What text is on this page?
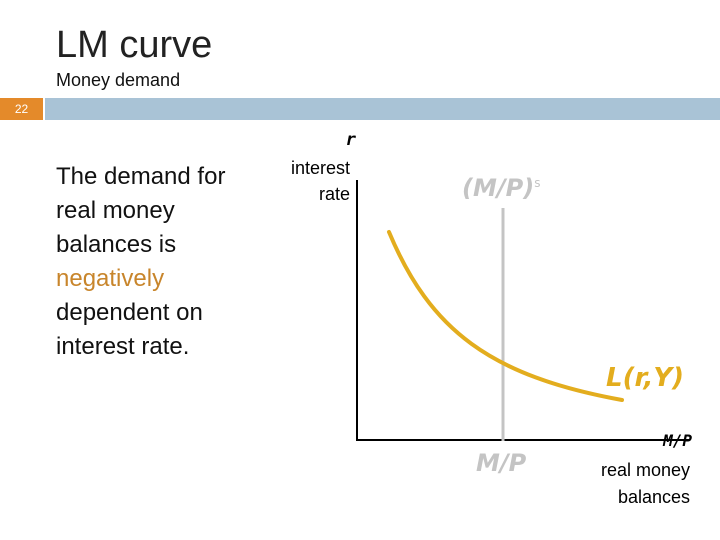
LM curve
Money demand
22
The demand for real money balances is negatively dependent on interest rate.
r
interest rate
M/P
real money balances
$(M/P)^s$
M/P
L(r,Y)
